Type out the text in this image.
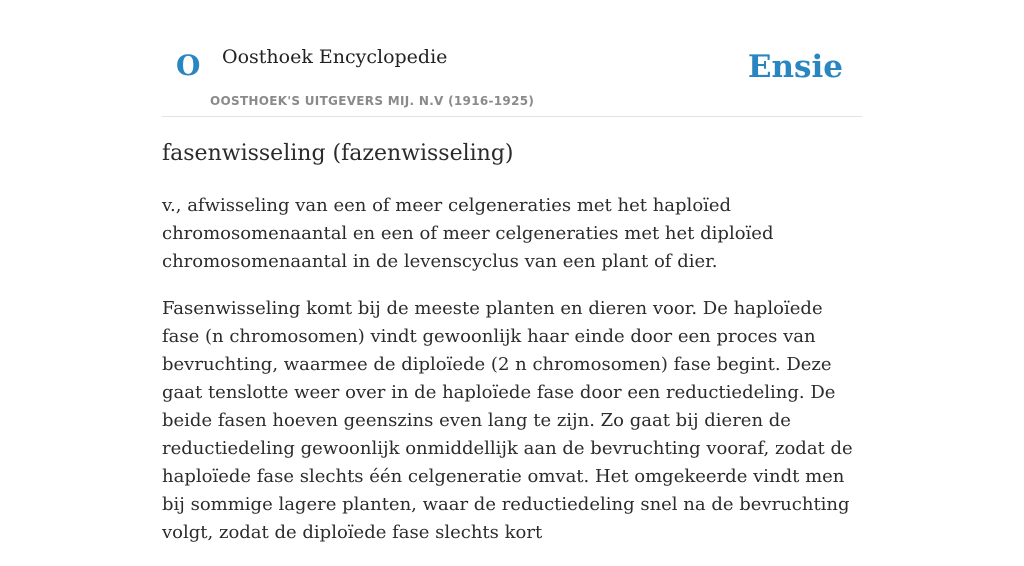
O Oosthoek Encyclopedie
OOSTHOEK'S UITGEVERS MIJ. N.V (1916-1925)
Ensie
fasenwisseling (fazenwisseling)

v., afwisseling van een of meer celgeneraties met het haploïed chromosomenaantal en een of meer celgeneraties met het diploïed chromosomenaantal in de levenscyclus van een plant of dier.

Fasenwisseling komt bij de meeste planten en dieren voor. De haploïede fase (n chromosomen) vindt gewoonlijk haar einde door een proces van bevruchting, waarmee de diploïede (2 n chromosomen) fase begint. Deze gaat tenslotte weer over in de haploïede fase door een reductiedeling. De beide fasen hoeven geenszins even lang te zijn. Zo gaat bij dieren de reductiedeling gewoonlijk onmiddellijk aan de bevruchting vooraf, zodat de haploïede fase slechts één celgeneratie omvat. Het omgekeerde vindt men bij sommige lagere planten, waar de reductiedeling snel na de bevruchting volgt, zodat de diploïede fase slechts kort
